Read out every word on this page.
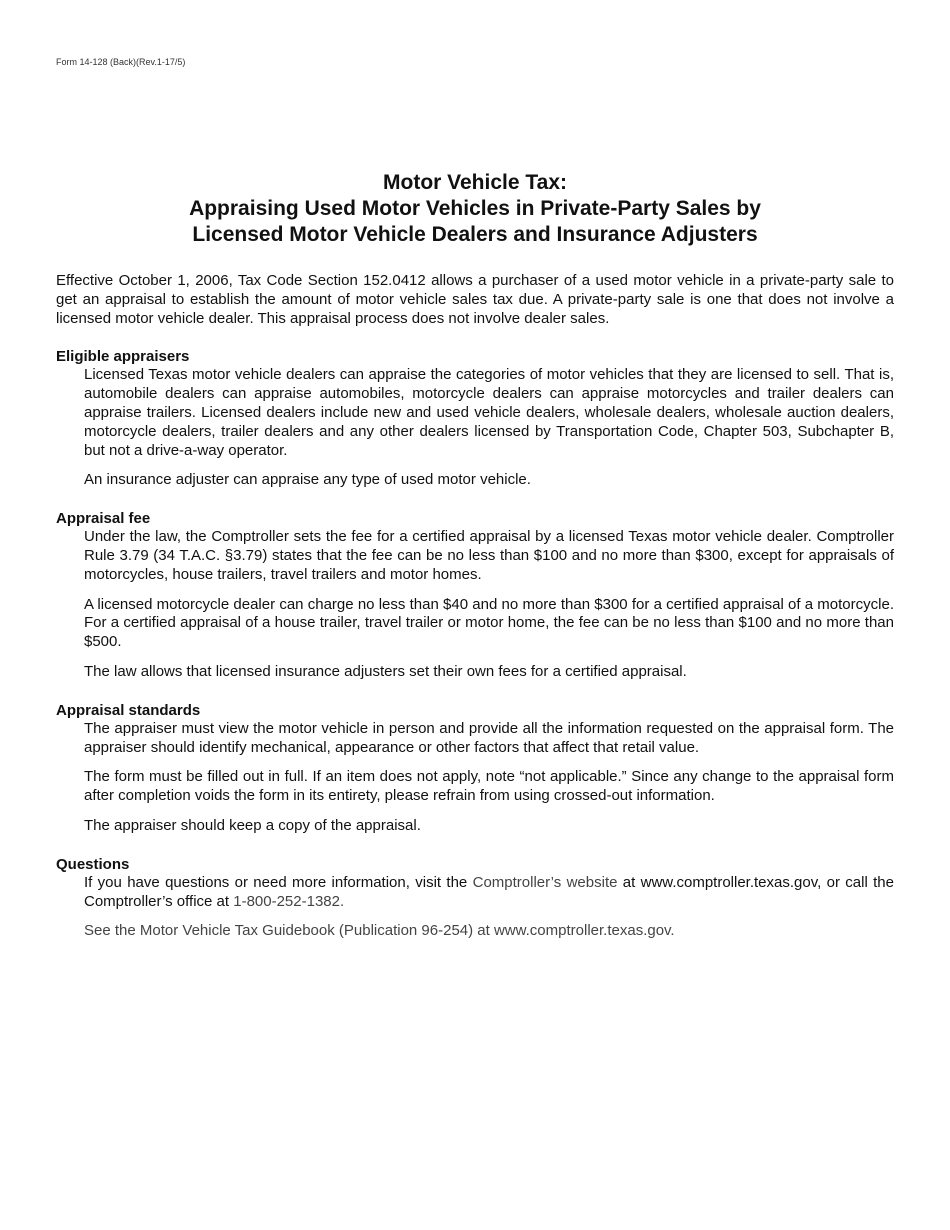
Form 14-128 (Back)(Rev.1-17/5)
Motor Vehicle Tax:
Appraising Used Motor Vehicles in Private-Party Sales by
Licensed Motor Vehicle Dealers and Insurance Adjusters

Effective October 1, 2006, Tax Code Section 152.0412 allows a purchaser of a used motor vehicle in a private-party sale to get an appraisal to establish the amount of motor vehicle sales tax due. A private-party sale is one that does not involve a licensed motor vehicle dealer. This appraisal process does not involve dealer sales.

Eligible appraisers

Licensed Texas motor vehicle dealers can appraise the categories of motor vehicles that they are licensed to sell. That is, automobile dealers can appraise automobiles, motorcycle dealers can appraise motorcycles and trailer dealers can appraise trailers. Licensed dealers include new and used vehicle dealers, wholesale dealers, wholesale auction dealers, motorcycle dealers, trailer dealers and any other dealers licensed by Transportation Code, Chapter 503, Subchapter B, but not a drive-a-way operator.

An insurance adjuster can appraise any type of used motor vehicle.

Appraisal fee

Under the law, the Comptroller sets the fee for a certified appraisal by a licensed Texas motor vehicle dealer. Comptroller Rule 3.79 (34 T.A.C. §3.79) states that the fee can be no less than $100 and no more than $300, except for appraisals of motorcycles, house trailers, travel trailers and motor homes.

A licensed motorcycle dealer can charge no less than $40 and no more than $300 for a certified appraisal of a motorcycle. For a certified appraisal of a house trailer, travel trailer or motor home, the fee can be no less than $100 and no more than $500.

The law allows that licensed insurance adjusters set their own fees for a certified appraisal.

Appraisal standards

The appraiser must view the motor vehicle in person and provide all the information requested on the appraisal form. The appraiser should identify mechanical, appearance or other factors that affect that retail value.

The form must be filled out in full. If an item does not apply, note “not applicable.” Since any change to the appraisal form after completion voids the form in its entirety, please refrain from using crossed-out information.

The appraiser should keep a copy of the appraisal.

Questions

If you have questions or need more information, visit the Comptroller’s website at www.comptroller.texas.gov, or call the Comptroller’s office at 1-800-252-1382.

See the Motor Vehicle Tax Guidebook (Publication 96-254) at www.comptroller.texas.gov.
